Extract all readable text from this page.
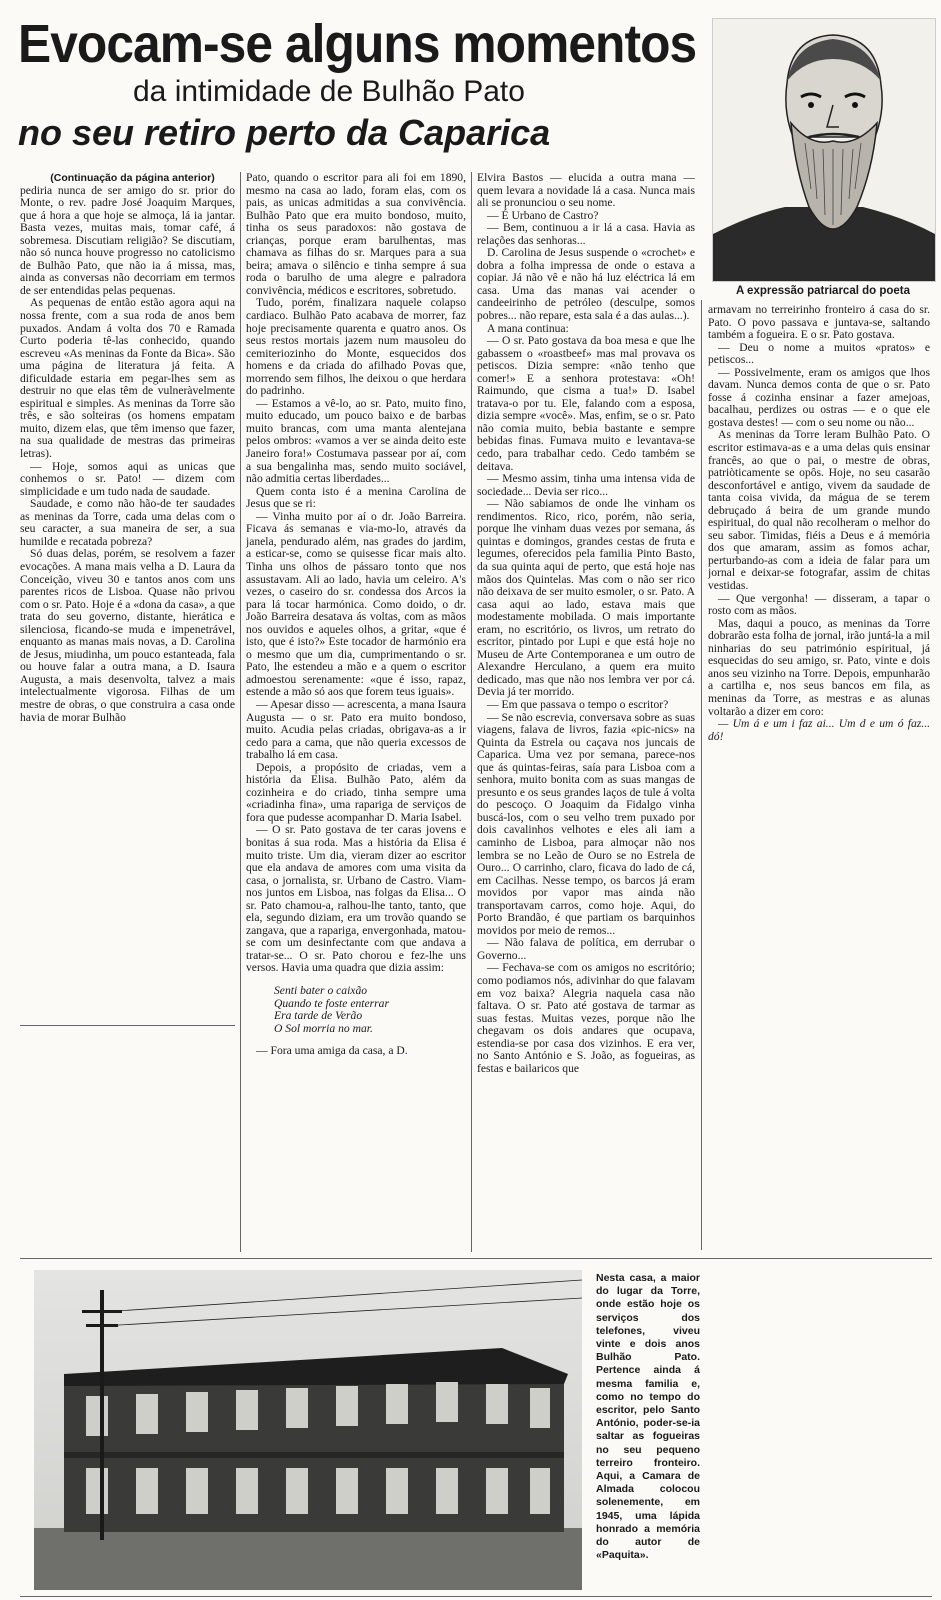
Evocam-se alguns momentos
da intimidade de Bulhão Pato
no seu retiro perto da Caparica
A expressão patriarcal do poeta

(Continuação da página anterior)

pediria nunca de ser amigo do sr. prior do Monte, o rev. padre José Joaquim Marques, que á hora a que hoje se almoça, lá ia jantar. Basta vezes, muitas mais, tomar café, á sobremesa. Discutiam religião? Se discutiam, não só nunca houve progresso no catolicismo de Bulhão Pato, que não ia á missa, mas, ainda as conversas não decorriam em termos de ser entendidas pelas pequenas.

As pequenas de então estão agora aqui na nossa frente, com a sua roda de anos bem puxados. Andam á volta dos 70 e Ramada Curto poderia tê-las conhecido, quando escreveu «As meninas da Fonte da Bica». São uma página de literatura já feita. A dificuldade estaria em pegar-lhes sem as destruir no que elas têm de vulneràvelmente espiritual e simples. As meninas da Torre são três, e são solteiras (os homens empatam muito, dizem elas, que têm imenso que fazer, na sua qualidade de mestras das primeiras letras).

— Hoje, somos aqui as unicas que conhemos o sr. Pato! — dizem com simplicidade e um tudo nada de saudade.

Saudade, e como não hão-de ter saudades as meninas da Torre, cada uma delas com o seu caracter, a sua maneira de ser, a sua humilde e recatada pobreza?

Só duas delas, porém, se resolvem a fazer evocações. A mana mais velha a D. Laura da Conceição, viveu 30 e tantos anos com uns parentes ricos de Lisboa. Quase não privou com o sr. Pato. Hoje é a «dona da casa», a que trata do seu governo, distante, hierática e silenciosa, ficando-se muda e impenetrável, enquanto as manas mais novas, a D. Carolina de Jesus, miudinha, um pouco estanteada, fala ou houve falar a outra mana, a D. Isaura Augusta, a mais desenvolta, talvez a mais intelectualmente vigorosa. Filhas de um mestre de obras, o que construira a casa onde havia de morar Bulhão

Pato, quando o escritor para ali foi em 1890, mesmo na casa ao lado, foram elas, com os pais, as unicas admitidas a sua convivência. Bulhão Pato que era muito bondoso, muito, tinha os seus paradoxos: não gostava de crianças, porque eram barulhentas, mas chamava as filhas do sr. Marques para a sua beira; amava o silêncio e tinha sempre á sua roda o barulho de uma alegre e palradora convivência, médicos e escritores, sobretudo.

Tudo, porém, finalizara naquele colapso cardiaco. Bulhão Pato acabava de morrer, faz hoje precisamente quarenta e quatro anos. Os seus restos mortais jazem num mausoleu do cemiteriozinho do Monte, esquecidos dos homens e da criada do afilhado Povas que, morrendo sem filhos, lhe deixou o que herdara do padrinho.

— Estamos a vê-lo, ao sr. Pato, muito fino, muito educado, um pouco baixo e de barbas muito brancas, com uma manta alentejana pelos ombros: «vamos a ver se ainda deito este Janeiro fora!» Costumava passear por aí, com a sua bengalinha mas, sendo muito sociável, não admitia certas liberdades...

Quem conta isto é a menina Carolina de Jesus que se ri:

— Vinha muito por aí o dr. João Barreira. Ficava ás semanas e via-mo-lo, através da janela, pendurado além, nas grades do jardim, a esticar-se, como se quisesse ficar mais alto. Tinha uns olhos de pássaro tonto que nos assustavam. Ali ao lado, havia um celeiro. A's vezes, o caseiro do sr. condessa dos Arcos ia para lá tocar harmónica. Como doido, o dr. João Barreira desatava ás voltas, com as mãos nos ouvidos e aqueles olhos, a gritar, «que é isto, que é isto?» Este tocador de harmónio era o mesmo que um dia, cumprimentando o sr. Pato, lhe estendeu a mão e a quem o escritor admoestou serenamente: «que é isso, rapaz, estende a mão só aos que forem teus iguais».

— Apesar disso — acrescenta, a mana Isaura Augusta — o sr. Pato era muito bondoso, muito. Acudia pelas criadas, obrigava-as a ir cedo para a cama, que não queria excessos de trabalho lá em casa.

Depois, a propósito de criadas, vem a história da Elisa. Bulhão Pato, além da cozinheira e do criado, tinha sempre uma «criadinha fina», uma rapariga de serviços de fora que pudesse acompanhar D. Maria Isabel.

— O sr. Pato gostava de ter caras jovens e bonitas á sua roda. Mas a história da Elisa é muito triste. Um dia, vieram dizer ao escritor que ela andava de amores com uma visita da casa, o jornalista, sr. Urbano de Castro. Viam-nos juntos em Lisboa, nas folgas da Elisa... O sr. Pato chamou-a, ralhou-lhe tanto, tanto, que ela, segundo diziam, era um trovão quando se zangava, que a rapariga, envergonhada, matou-se com um desinfectante com que andava a tratar-se... O sr. Pato chorou e fez-lhe uns versos. Havia uma quadra que dizia assim:

Senti bater o caixão
Quando te foste enterrar
Era tarde de Verão
O Sol morria no mar.

— Fora uma amiga da casa, a D.

Elvira Bastos — elucida a outra mana — quem levara a novidade lá a casa. Nunca mais ali se pronunciou o seu nome.

— É Urbano de Castro?

— Bem, continuou a ir lá a casa. Havia as relações das senhoras...

D. Carolina de Jesus suspende o «crochet» e dobra a folha impressa de onde o estava a copiar. Já não vê e não há luz eléctrica lá em casa. Uma das manas vai acender o candeeirinho de petróleo (desculpe, somos pobres... não repare, esta sala é a das aulas...).

A mana continua:

— O sr. Pato gostava da boa mesa e que lhe gabassem o «roastbeef» mas mal provava os petiscos. Dizia sempre: «não tenho que comer!» E a senhora protestava: «Oh! Raimundo, que cisma a tua!» D. Isabel tratava-o por tu. Ele, falando com a esposa, dizia sempre «você». Mas, enfim, se o sr. Pato não comia muito, bebia bastante e sempre bebidas finas. Fumava muito e levantava-se cedo, para trabalhar cedo. Cedo também se deitava.

— Mesmo assim, tinha uma intensa vida de sociedade... Devia ser rico...

— Não sabiamos de onde lhe vinham os rendimentos. Rico, rico, porém, não seria, porque lhe vinham duas vezes por semana, ás quintas e domingos, grandes cestas de fruta e legumes, oferecidos pela familia Pinto Basto, da sua quinta aqui de perto, que está hoje nas mãos dos Quintelas. Mas com o não ser rico não deixava de ser muito esmoler, o sr. Pato. A casa aqui ao lado, estava mais que modestamente mobilada. O mais importante eram, no escritório, os livros, um retrato do escritor, pintado por Lupi e que está hoje no Museu de Arte Contemporanea e um outro de Alexandre Herculano, a quem era muito dedicado, mas que não nos lembra ver por cá. Devia já ter morrido.

— Em que passava o tempo o escritor?

— Se não escrevia, conversava sobre as suas viagens, falava de livros, fazia «pic-nics» na Quinta da Estrela ou caçava nos juncais de Caparica. Uma vez por semana, parece-nos que ás quintas-feiras, saía para Lisboa com a senhora, muito bonita com as suas mangas de presunto e os seus grandes laços de tule á volta do pescoço. O Joaquim da Fidalgo vinha buscá-los, com o seu velho trem puxado por dois cavalinhos velhotes e eles ali iam a caminho de Lisboa, para almoçar não nos lembra se no Leão de Ouro se no Estrela de Ouro... O carrinho, claro, ficava do lado de cá, em Cacilhas. Nesse tempo, os barcos já eram movidos por vapor mas ainda não transportavam carros, como hoje. Aqui, do Porto Brandão, é que partiam os barquinhos movidos por meio de remos...

— Não falava de política, em derrubar o Governo...

— Fechava-se com os amigos no escritório; como podiamos nós, adivinhar do que falavam em voz baixa? Alegria naquela casa não faltava. O sr. Pato até gostava de tarmar as suas festas. Muitas vezes, porque não lhe chegavam os dois andares que ocupava, estendia-se por casa dos vizinhos. E era ver, no Santo António e S. João, as fogueiras, as festas e bailaricos que

armavam no terreirinho fronteiro á casa do sr. Pato. O povo passava e juntava-se, saltando também a fogueira. E o sr. Pato gostava.

— Deu o nome a muitos «pratos» e petiscos...

— Possivelmente, eram os amigos que lhos davam. Nunca demos conta de que o sr. Pato fosse á cozinha ensinar a fazer amejoas, bacalhau, perdizes ou ostras — e o que ele gostava destes! — com o seu nome ou não...

As meninas da Torre leram Bulhão Pato. O escritor estimava-as e a uma delas quis ensinar francês, ao que o pai, o mestre de obras, patriòticamente se opôs. Hoje, no seu casarão desconfortável e antigo, vivem da saudade de tanta coisa vivida, da mágua de se terem debruçado á beira de um grande mundo espiritual, do qual não recolheram o melhor do seu sabor. Timidas, fiéis a Deus e á memória dos que amaram, assim as fomos achar, perturbando-as com a ideia de falar para um jornal e deixar-se fotografar, assim de chitas vestidas.

— Que vergonha! — disseram, a tapar o rosto com as mãos.

Mas, daqui a pouco, as meninas da Torre dobrarão esta folha de jornal, irão juntá-la a mil ninharias do seu património espiritual, já esquecidas do seu amigo, sr. Pato, vinte e dois anos seu vizinho na Torre. Depois, empunharão a cartilha e, nos seus bancos em fila, as meninas da Torre, as mestras e as alunas voltarão a dizer em coro:

— Um á e um i faz ai... Um d e um ó faz... dó!

Nesta casa, a maior do lugar da Torre, onde estão hoje os serviços dos telefones, viveu vinte e dois anos Bulhão Pato. Pertence ainda á mesma familia e, como no tempo do escritor, pelo Santo António, poder-se-ia saltar as fogueiras no seu pequeno terreiro fronteiro. Aqui, a Camara de Almada colocou solenemente, em 1945, uma lápida honrado a memória do autor de «Paquita».
